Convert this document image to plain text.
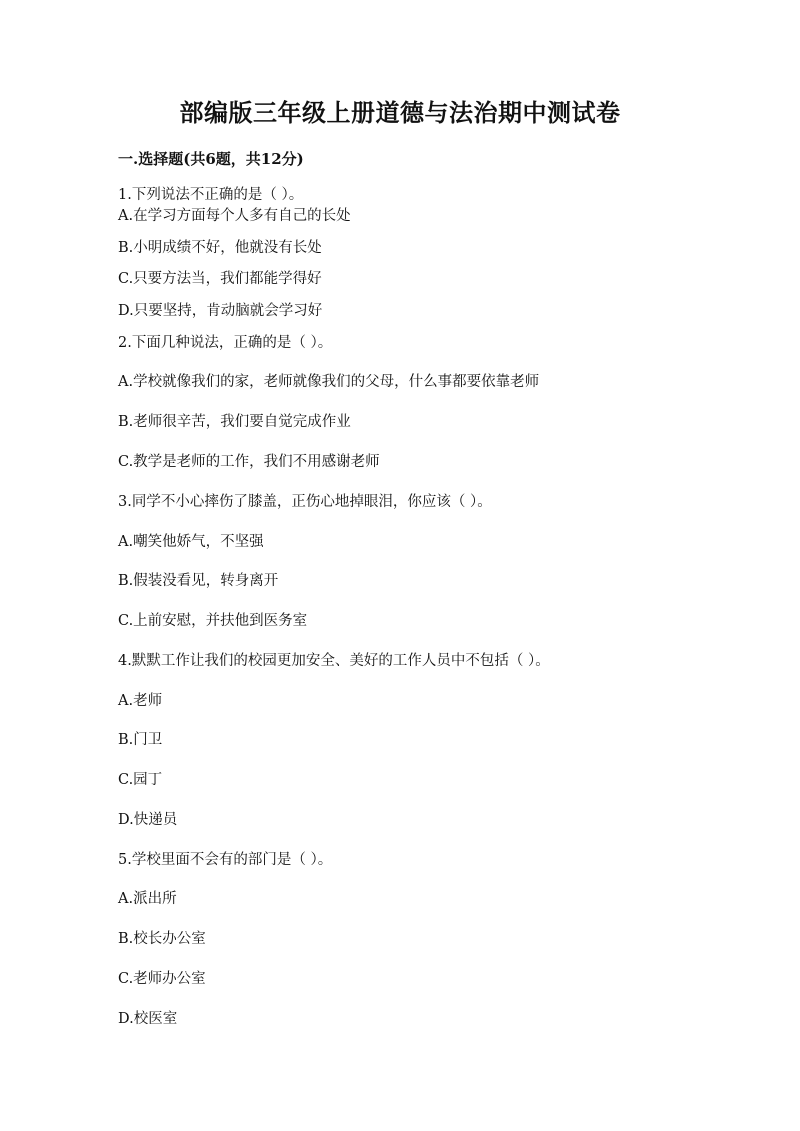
部编版三年级上册道德与法治期中测试卷
一.选择题(共6题，共12分)
1.下列说法不正确的是（ ）。
A.在学习方面每个人多有自己的长处
B.小明成绩不好，他就没有长处
C.只要方法当，我们都能学得好
D.只要坚持，肯动脑就会学习好
2.下面几种说法，正确的是（ ）。
A.学校就像我们的家，老师就像我们的父母，什么事都要依靠老师
B.老师很辛苦，我们要自觉完成作业
C.教学是老师的工作，我们不用感谢老师
3.同学不小心摔伤了膝盖，正伤心地掉眼泪，你应该（ ）。
A.嘲笑他娇气，不坚强
B.假装没看见，转身离开
C.上前安慰，并扶他到医务室
4.默默工作让我们的校园更加安全、美好的工作人员中不包括（ ）。
A.老师
B.门卫
C.园丁
D.快递员
5.学校里面不会有的部门是（ ）。
A.派出所
B.校长办公室
C.老师办公室
D.校医室
